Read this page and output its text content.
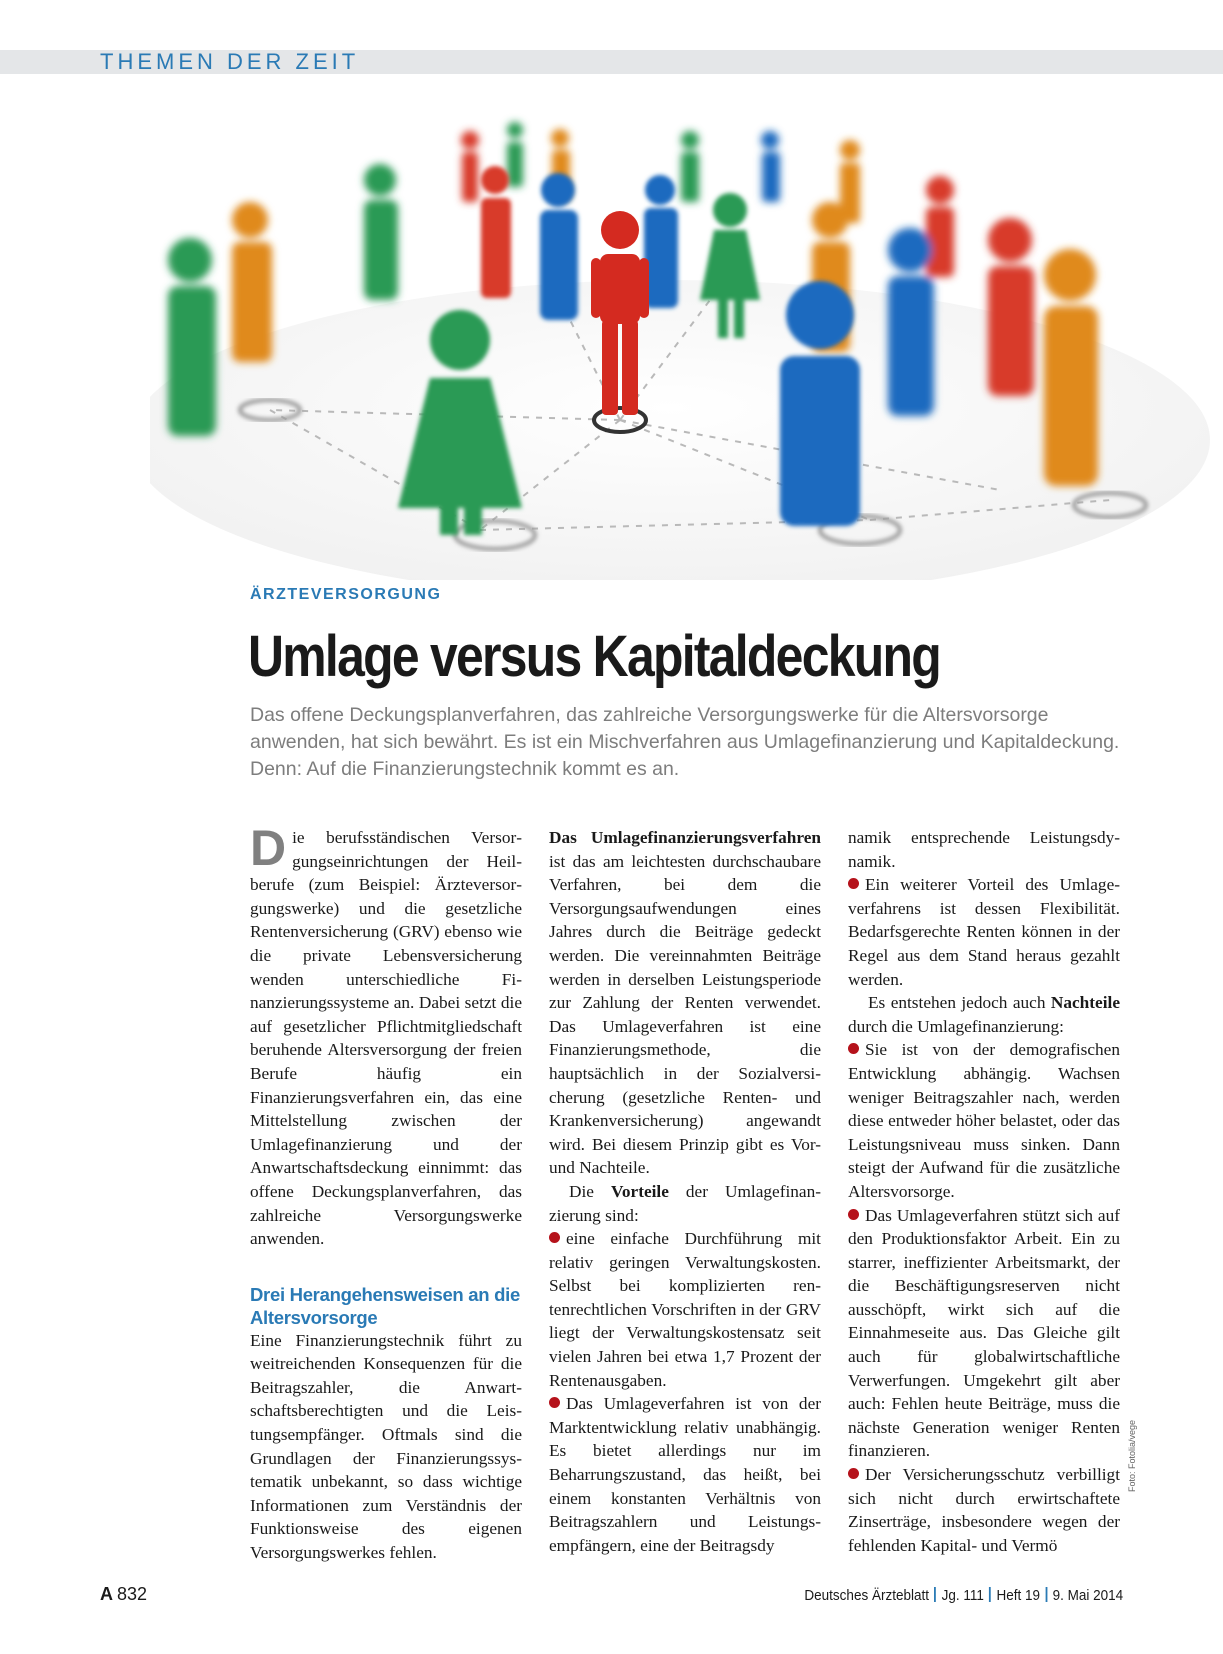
THEMEN DER ZEIT
ÄRZTEVERSORGUNG
Umlage versus Kapitaldeckung

Das offene Deckungsplanverfahren, das zahlreiche Versorgungswerke für die Altersvorsorge anwenden, hat sich bewährt. Es ist ein Mischverfahren aus Umlagefinanzierung und Kapitaldeckung. Denn: Auf die Finanzierungstechnik kommt es an.

Die berufsständischen Versorgungseinrichtungen der Heilberufe (zum Beispiel: Ärzteversorgungswerke) und die gesetzliche Rentenversicherung (GRV) ebenso wie die private Lebensversicherung wenden unterschiedliche Finanzierungssysteme an. Dabei setzt die auf gesetzlicher Pflichtmitgliedschaft beruhende Altersversorgung der freien Berufe häufig ein Finanzierungsverfahren ein, das eine Mittelstellung zwischen der Umlagefinanzierung und der Anwartschaftsdeckung einnimmt: das offene Deckungsplanverfahren, das zahlreiche Versorgungswerke anwenden.

Drei Herangehensweisen an die Altersvorsorge

Eine Finanzierungstechnik führt zu weitreichenden Konsequenzen für die Beitragszahler, die Anwartschaftsberechtigten und die Leistungsempfänger. Oftmals sind die Grundlagen der Finanzierungssystematik unbekannt, so dass wichtige Informationen zum Verständnis der Funktionsweise des eigenen Versorgungswerkes fehlen.

Das Umlagefinanzierungsverfahren ist das am leichtesten durchschaubare Verfahren, bei dem die Versorgungsaufwendungen eines Jahres durch die Beiträge gedeckt werden. Die vereinnahmten Beiträge werden in derselben Leistungsperiode zur Zahlung der Renten verwendet. Das Umlageverfahren ist eine Finanzierungsmethode, die hauptsächlich in der Sozialversicherung (gesetzliche Renten- und Krankenversicherung) angewandt wird. Bei diesem Prinzip gibt es Vor- und Nachteile.

Die Vorteile der Umlagefinanzierung sind:

eine einfache Durchführung mit relativ geringen Verwaltungskosten. Selbst bei komplizierten rentenrechtlichen Vorschriften in der GRV liegt der Verwaltungskostensatz seit vielen Jahren bei etwa 1,7 Prozent der Rentenausgaben.

Das Umlageverfahren ist von der Marktentwicklung relativ unabhängig. Es bietet allerdings nur im Beharrungszustand, das heißt, bei einem konstanten Verhältnis von Beitragszahlern und Leistungsempfängern, eine der Beitragsdy

namik entsprechende Leistungsdynamik.

Ein weiterer Vorteil des Umlageverfahrens ist dessen Flexibilität. Bedarfsgerechte Renten können in der Regel aus dem Stand heraus gezahlt werden.

Es entstehen jedoch auch Nachteile durch die Umlagefinanzierung:

Sie ist von der demografischen Entwicklung abhängig. Wachsen weniger Beitragszahler nach, werden diese entweder höher belastet, oder das Leistungsniveau muss sinken. Dann steigt der Aufwand für die zusätzliche Altersvorsorge.

Das Umlageverfahren stützt sich auf den Produktionsfaktor Arbeit. Ein zu starrer, ineffizienter Arbeitsmarkt, der die Beschäftigungsreserven nicht ausschöpft, wirkt sich auf die Einnahmeseite aus. Das Gleiche gilt auch für globalwirtschaftliche Verwerfungen. Umgekehrt gilt aber auch: Fehlen heute Beiträge, muss die nächste Generation weniger Renten finanzieren.

Der Versicherungsschutz verbilligt sich nicht durch erwirtschaftete Zinserträge, insbesondere wegen der fehlenden Kapital- und Vermö

Foto: Fotolia/vege
A 832	Deutsches Ärzteblatt Jg. 111 Heft 19 9. Mai 2014
